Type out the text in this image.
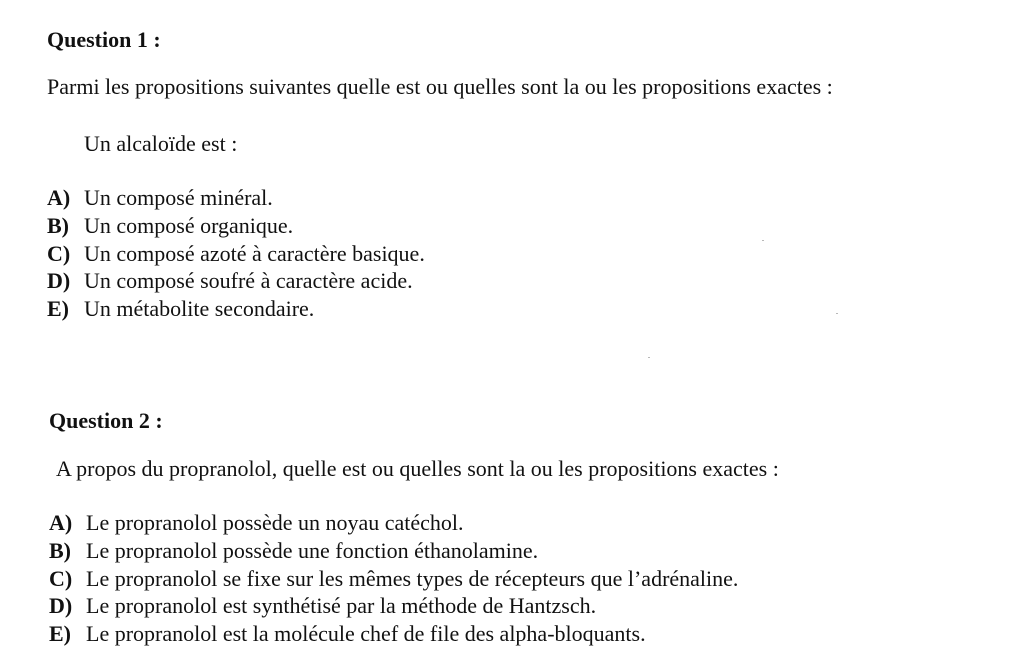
Question 1 :
Parmi les propositions suivantes quelle est ou quelles sont la ou les propositions exactes :
Un alcaloïde est :
A) Un composé minéral.
B) Un composé organique.
C) Un composé azoté à caractère basique.
D) Un composé soufré à caractère acide.
E) Un métabolite secondaire.
Question 2 :
A propos du propranolol, quelle est ou quelles sont la ou les propositions exactes :
A) Le propranolol possède un noyau catéchol.
B) Le propranolol possède une fonction éthanolamine.
C) Le propranolol se fixe sur les mêmes types de récepteurs que l’adrénaline.
D) Le propranolol est synthétisé par la méthode de Hantzsch.
E) Le propranolol est la molécule chef de file des alpha-bloquants.
